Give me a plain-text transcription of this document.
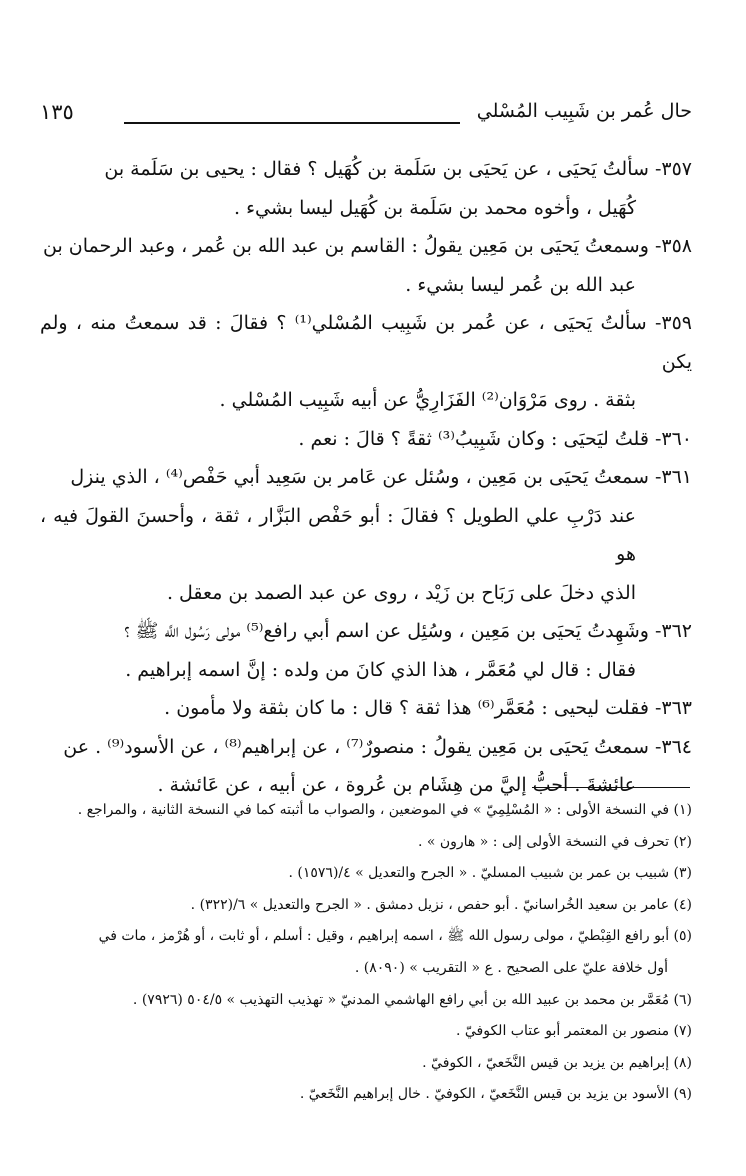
حال عُمر بن شَبِيب المُسْلي
١٣٥

٣٥٧- سألتُ يَحيَى ، عن يَحيَى بن سَلَمة بن كُهَيل ؟ فقال : يحيى بن سَلَمة بن
كُهَيل ، وأخوه محمد بن سَلَمة بن كُهَيل ليسا بشيء .

٣٥٨- وسمعتُ يَحيَى بن مَعِين يقولُ : القاسم بن عبد الله بن عُمر ، وعبد الرحمان بن
عبد الله بن عُمر ليسا بشيء .

٣٥٩- سألتُ يَحيَى ، عن عُمر بن شَبِيب المُسْلي⁽¹⁾ ؟ فقالَ : قد سمعتُ منه ، ولم يكن
بثقة . روى مَرْوَان⁽²⁾ الفَزَارِيُّ عن أبيه شَبِيب المُسْلي .

٣٦٠- قلتُ ليَحيَى : وكان شَبِيبُ⁽³⁾ ثقةً ؟ قالَ : نعم .

٣٦١- سمعتُ يَحيَى بن مَعِين ، وسُئل عن عَامر بن سَعِيد أبي حَفْص⁽⁴⁾ ، الذي ينزل
عند دَرْبِ علي الطويل ؟ فقالَ : أبو حَفْص البَزَّار ، ثقة ، وأحسنَ القولَ فيه ، هو
الذي دخلَ على رَبَاح بن زَيْد ، روى عن عبد الصمد بن معقل .

٣٦٢- وشَهِدتُ يَحيَى بن مَعِين ، وسُئِل عن اسم أبي رافع⁽⁵⁾ مولى رَسُول اللَّه ﷺ ؟
فقال : قال لي مُعَمَّر ، هذا الذي كانَ من ولده : إنَّ اسمه إبراهيم .

٣٦٣- فقلت ليحيى : مُعَمَّر⁽⁶⁾ هذا ثقة ؟ قال : ما كان بثقة ولا مأمون .

٣٦٤- سمعتُ يَحيَى بن مَعِين يقولُ : منصورٌ⁽⁷⁾ ، عن إبراهيم⁽⁸⁾ ، عن الأسود⁽⁹⁾ . عن
عائشةَ . أحبُّ إليَّ من هِشَام بن عُروة ، عن أبيه ، عن عَائشة .

(١) في النسخة الأولى : « المُسْلِمِيّ » في الموضعين ، والصواب ما أثبته كما في النسخة الثانية ، والمراجع .

(٢) تحرف في النسخة الأولى إلى : « هارون » .

(٣) شبيب بن عمر بن شبيب المسليّ . « الجرح والتعديل » ٤/(١٥٧٦) .

(٤) عامر بن سعيد الخُراسانيّ . أبو حفص ، نزيل دمشق . « الجرح والتعديل » ٦/(٣٢٢) .

(٥) أبو رافع القِبْطيّ ، مولى رسول الله ﷺ ، اسمه إبراهيم ، وقيل : أسلم ، أو ثابت ، أو هُرْمز ، مات في
أول خلافة عليّ على الصحيح . ع « التقريب » (٨٠٩٠) .

(٦) مُعَمَّر بن محمد بن عبيد الله بن أبي رافع الهاشمي المدنيّ « تهذيب التهذيب » ٥٠٤/٥ (٧٩٢٦) .

(٧) منصور بن المعتمر أبو عتاب الكوفيّ .

(٨) إبراهيم بن يزيد بن قيس النَّخَعيّ ، الكوفيّ .

(٩) الأسود بن يزيد بن قيس النَّخَعيّ ، الكوفيّ . خال إبراهيم النَّخَعيّ .
